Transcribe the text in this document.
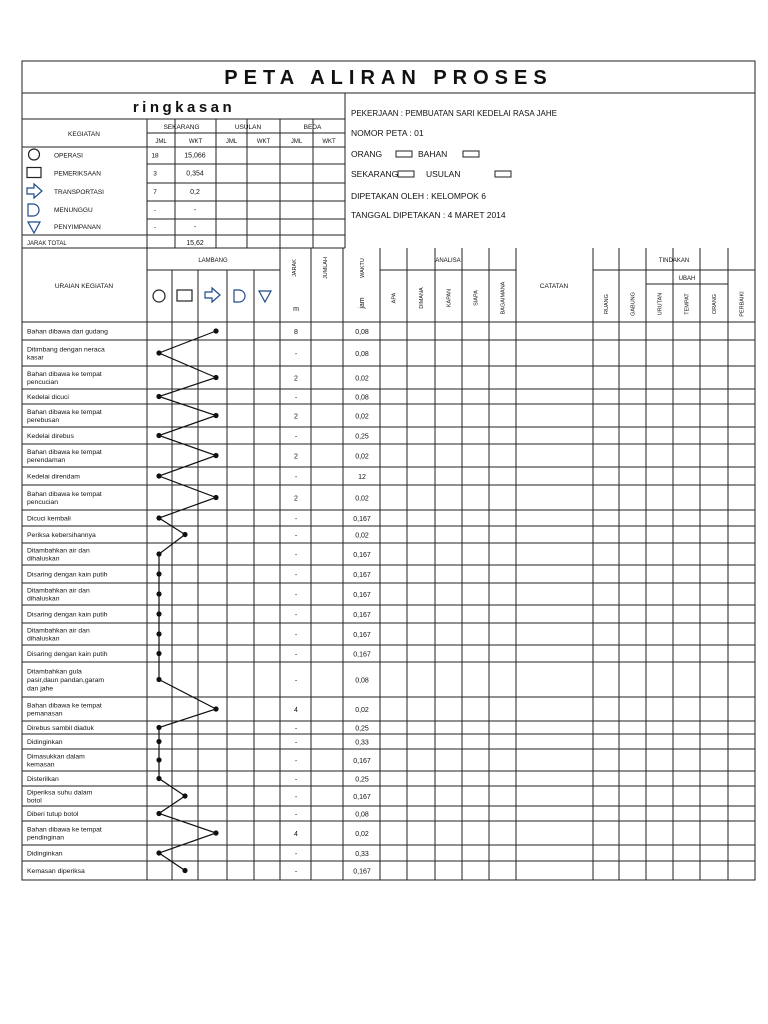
PETA ALIRAN PROSES
ringkasan
KEGIATAN
SEKARANG	USULAN	BEDA
JML	WKT	JML	WKT	JML	WKT
OPERASI	18	15,066
PEMERIKSAAN	3	0,354
TRANSPORTASI	7	0,2
MENUNGGU	-	-
PENYIMPANAN	-	-
JARAK TOTAL	15,62
PEKERJAAN : PEMBUATAN SARI KEDELAI RASA JAHE
NOMOR PETA : 01
ORANG	BAHAN
SEKARANG	USULAN
DIPETAKAN OLEH : KELOMPOK 6
TANGGAL DIPETAKAN : 4 MARET 2014
LAMBANG
URAIAN KEGIATAN
JARAK
m
JUMLAH	WAKTU
jam
ANALISA
APA	DIMANA	KAPAN	SIAPA	BAGAIMANA	CATATAN
TINDAKAN
UBAH
RUANG	GABUNG	URUTAN	TEMPAT	ORANG	PERBAIKI
Bahan dibawa dari gudang	8	0,08
Ditimbang dengan neraca
kasar
-	0,08
Bahan dibawa ke tempat
pencucian
2	0,02
Kedelai dicuci	-	0,08
Bahan dibawa ke tempat
perebusan
2	0,02
Kedelai direbus	-	0,25
Bahan dibawa ke tempat
perendaman
2	0,02
Kedelai direndam	-	12
Bahan dibawa ke tempat
pencucian
2	0,02
Dicuci kembali	-	0,167
Periksa kebersihannya	-	0,02
Ditambahkan air dan
dihaluskan
-	0,167
Disaring dengan kain putih	-	0,167
Ditambahkan air dan
dihaluskan
-	0,167
Disaring dengan kain putih	-	0,167
Ditambahkan air dan
dihaluskan
-	0,167
Disaring dengan kain putih	-	0,167
Ditambahkan gula
pasir,daun pandan,garam
dan jahe
-	0,08
Bahan dibawa ke tempat
pemanasan
4	0,02
Direbus sambil diaduk	-	0,25
Didinginkan	-	0,33
Dimasukkan dalam
kemasan
-	0,167
Disterilkan	-	0,25
Diperiksa suhu dalam
botol
-	0,167
Diberi tutup botol	-	0,08
Bahan dibawa ke tempat
pendinginan
4	0,02
Didinginkan	-	0,33
Kemasan diperiksa	-	0,167
